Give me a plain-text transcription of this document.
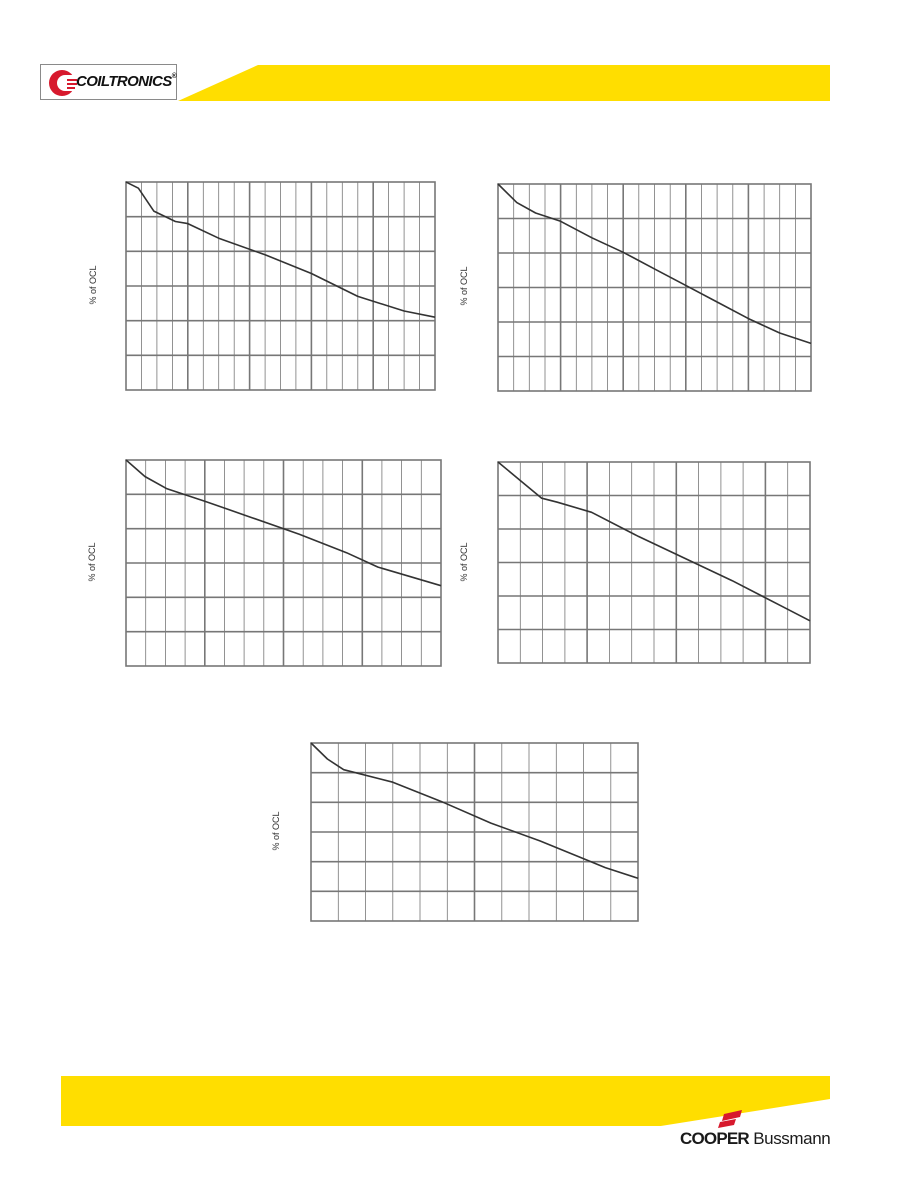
COILTRONICS®
% of OCL	% of OCL
% of OCL	% of OCL
% of OCL
COOPER Bussmann
